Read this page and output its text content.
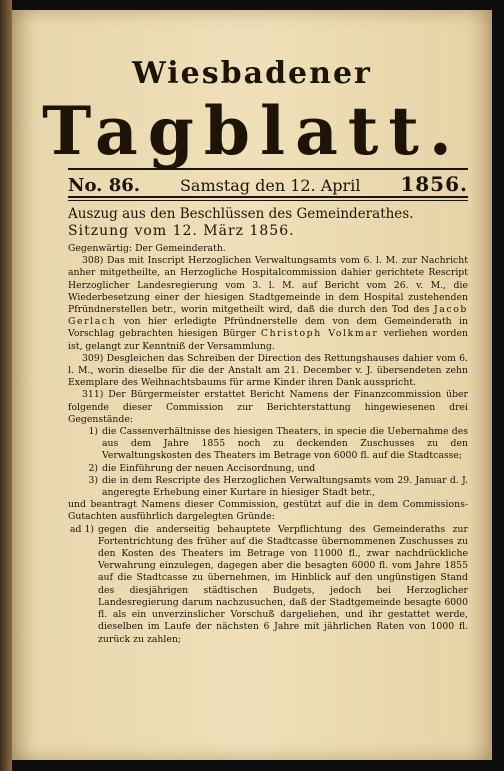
Wiesbadener
Tagblatt.
No. 86. Samstag den 12. April 1856.

Auszug aus den Beschlüssen des Gemeinderathes.

Sitzung vom 12. März 1856.

Gegenwärtig: Der Gemeinderath.

308) Das mit Inscript Herzoglichen Verwaltungsamts vom 6. l. M. zur Nachricht anher mitgetheilte, an Herzogliche Hospitalcommission dahier gerichtete Rescript Herzoglicher Landesregierung vom 3. l. M. auf Bericht vom 26. v. M., die Wiederbesetzung einer der hiesigen Stadtgemeinde in dem Hospital zustehenden Pfründnerstellen betr., worin mitgetheilt wird, daß die durch den Tod des Jacob Gerlach von hier erledigte Pfründnerstelle dem von dem Gemeinderath in Vorschlag gebrachten hiesigen Bürger Christoph Volkmar verliehen worden ist, gelangt zur Kenntniß der Versammlung.

309) Desgleichen das Schreiben der Direction des Rettungshauses dahier vom 6. l. M., worin dieselbe für die der Anstalt am 21. December v. J. übersendeten zehn Exemplare des Weihnachtsbaums für arme Kinder ihren Dank ausspricht.

311) Der Bürgermeister erstattet Bericht Namens der Finanzcommission über folgende dieser Commission zur Berichterstattung hingewiesenen drei Gegenstände:

1) die Cassenverhältnisse des hiesigen Theaters, in specie die Uebernahme des aus dem Jahre 1855 noch zu deckenden Zuschusses zu den Verwaltungskosten des Theaters im Betrage von 6000 fl. auf die Stadtcasse;
2) die Einführung der neuen Accisordnung, und
3) die in dem Rescripte des Herzoglichen Verwaltungsamts vom 29. Januar d. J. angeregte Erhebung einer Kurtare in hiesiger Stadt betr.,

und beantragt Namens dieser Commission, gestützt auf die in dem Commissions-Gutachten ausführlich dargelegten Gründe:

ad 1) gegen die anderseitig behauptete Verpflichtung des Gemeinderaths zur Fortentrichtung des früher auf die Stadtcasse übernommenen Zuschusses zu den Kosten des Theaters im Betrage von 11000 fl., zwar nachdrückliche Verwahrung einzulegen, dagegen aber die besagten 6000 fl. vom Jahre 1855 auf die Stadtcasse zu übernehmen, im Hinblick auf den ungünstigen Stand des diesjährigen städtischen Budgets, jedoch bei Herzoglicher Landesregierung darum nachzusuchen, daß der Stadtgemeinde besagte 6000 fl. als ein unverzinslicher Vorschuß dargeliehen, und ihr gestattet werde, dieselben im Laufe der nächsten 6 Jahre mit jährlichen Raten von 1000 fl. zurück zu zahlen;
